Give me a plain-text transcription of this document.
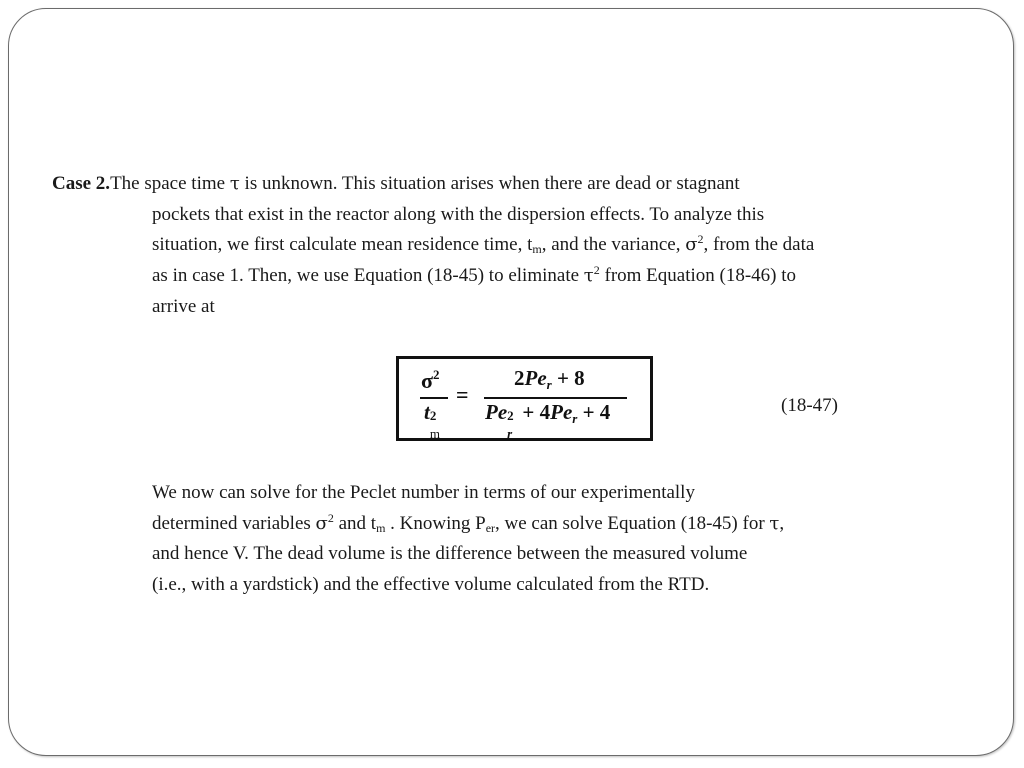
Case 2.The space time τ is unknown. This situation arises when there are dead or stagnant
pockets that exist in the reactor along with the dispersion effects. To analyze this
situation, we first calculate mean residence time, $t_m$, and the variance, $\sigma^2$, from the data
as in case 1. Then, we use Equation (18-45) to eliminate $\tau^2$ from Equation (18-46) to
arrive at
$\sigma^2$
t 2
m
=
$2Pe_r + 8$
Pe 2
r
+ $4Pe_r + 4$	(18-47)
We now can solve for the Peclet number in terms of our experimentally
determined variables $\sigma^2$ and $t_m$ . Knowing $P_{er}$, we can solve Equation (18-45) for τ,
and hence V. The dead volume is the difference between the measured volume
(i.e., with a yardstick) and the effective volume calculated from the RTD.
